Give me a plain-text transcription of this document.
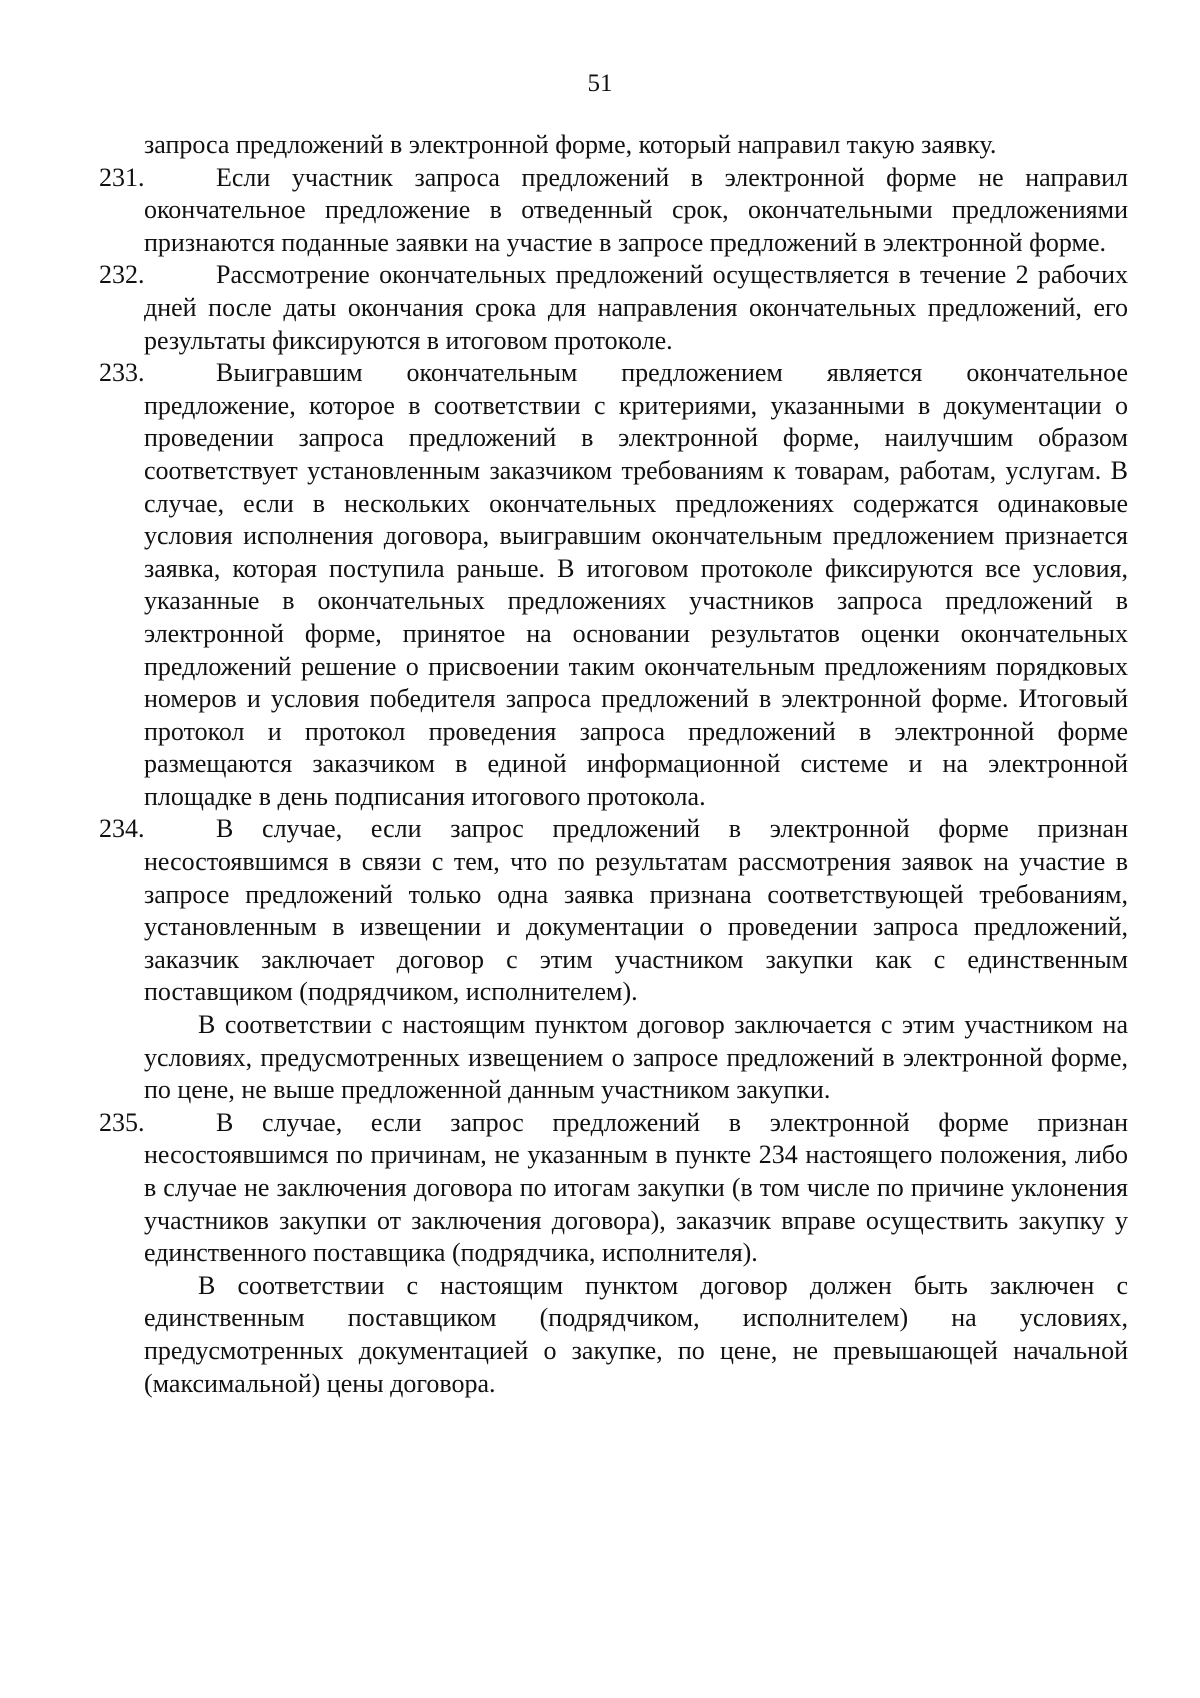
51

запроса предложений в электронной форме, который направил такую заявку.

231.	Если участник запроса предложений в электронной форме не направил окончательное предложение в отведенный срок, окончательными предложениями признаются поданные заявки на участие в запросе предложений в электронной форме.

232.	Рассмотрение окончательных предложений осуществляется в течение 2 рабочих дней после даты окончания срока для направления окончательных предложений, его результаты фиксируются в итоговом протоколе.

233.	Выигравшим окончательным предложением является окончательное предложение, которое в соответствии с критериями, указанными в документации о проведении запроса предложений в электронной форме, наилучшим образом соответствует установленным заказчиком требованиям к товарам, работам, услугам. В случае, если в нескольких окончательных предложениях содержатся одинаковые условия исполнения договора, выигравшим окончательным предложением признается заявка, которая поступила раньше. В итоговом протоколе фиксируются все условия, указанные в окончательных предложениях участников запроса предложений в электронной форме, принятое на основании результатов оценки окончательных предложений решение о присвоении таким окончательным предложениям порядковых номеров и условия победителя запроса предложений в электронной форме. Итоговый протокол и протокол проведения запроса предложений в электронной форме размещаются заказчиком в единой информационной системе и на электронной площадке в день подписания итогового протокола.

234.	В случае, если запрос предложений в электронной форме признан несостоявшимся в связи с тем, что по результатам рассмотрения заявок на участие в запросе предложений только одна заявка признана соответствующей требованиям, установленным в извещении и документации о проведении запроса предложений, заказчик заключает договор с этим участником закупки как с единственным поставщиком (подрядчиком, исполнителем).

В соответствии с настоящим пунктом договор заключается с этим участником на условиях, предусмотренных извещением о запросе предложений в электронной форме, по цене, не выше предложенной данным участником закупки.

235.	В случае, если запрос предложений в электронной форме признан несостоявшимся по причинам, не указанным в пункте 234 настоящего положения, либо в случае не заключения договора по итогам закупки (в том числе по причине уклонения участников закупки от заключения договора), заказчик вправе осуществить закупку у единственного поставщика (подрядчика, исполнителя).

В соответствии с настоящим пунктом договор должен быть заключен с единственным поставщиком (подрядчиком, исполнителем) на условиях, предусмотренных документацией о закупке, по цене, не превышающей начальной (максимальной) цены договора.
